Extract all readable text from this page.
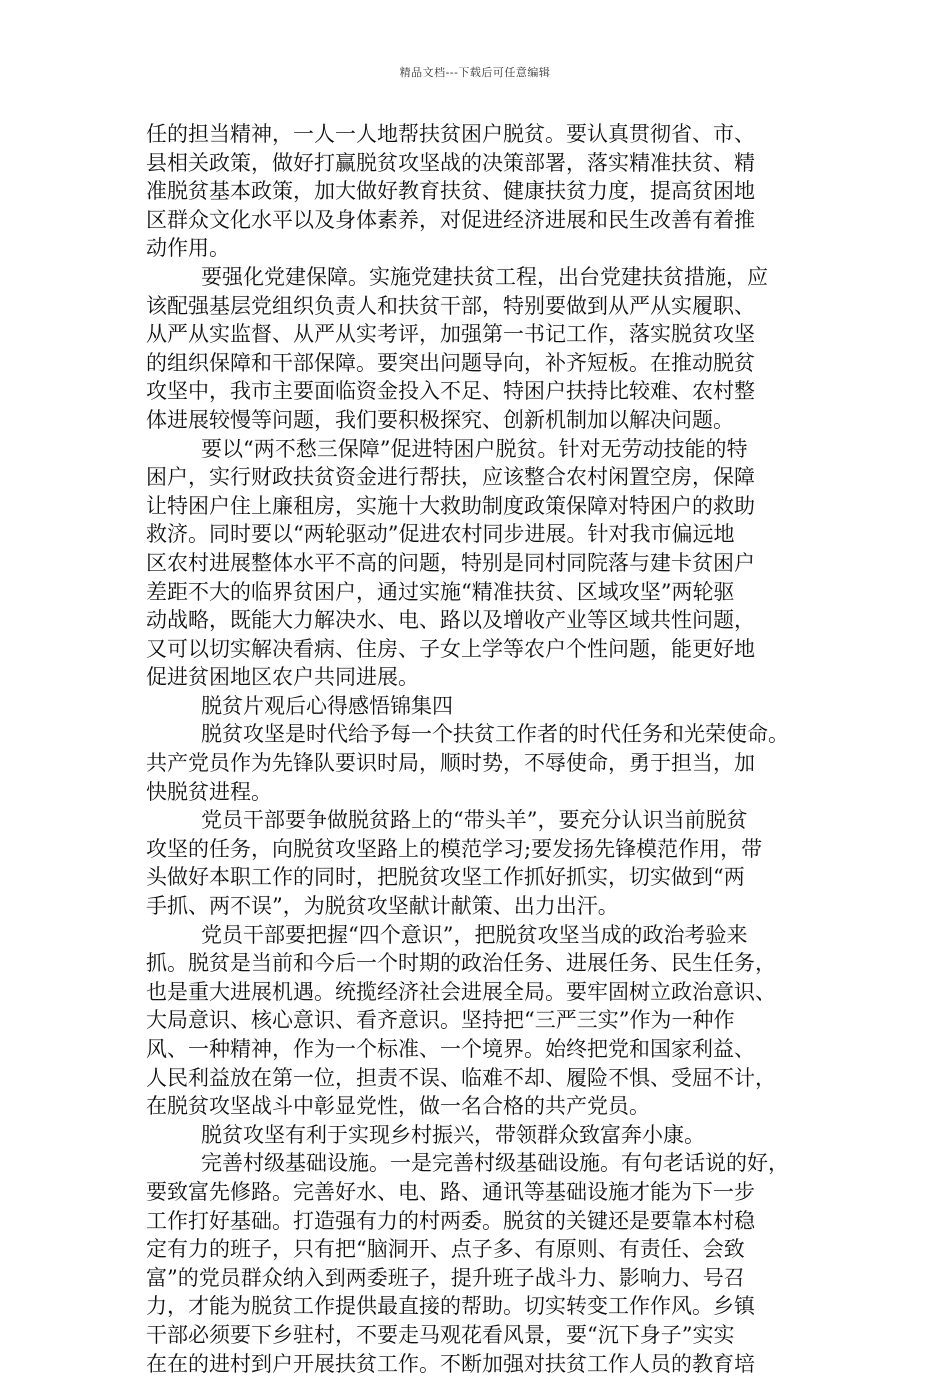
精品文档---下载后可任意编辑
任的担当精神，一人一人地帮扶贫困户脱贫。要认真贯彻省、市、
县相关政策，做好打赢脱贫攻坚战的决策部署，落实精准扶贫、精
准脱贫基本政策，加大做好教育扶贫、健康扶贫力度，提高贫困地
区群众文化水平以及身体素养，对促进经济进展和民生改善有着推
动作用。
要强化党建保障。实施党建扶贫工程，出台党建扶贫措施，应
该配强基层党组织负责人和扶贫干部，特别要做到从严从实履职、
从严从实监督、从严从实考评，加强第一书记工作，落实脱贫攻坚
的组织保障和干部保障。要突出问题导向，补齐短板。在推动脱贫
攻坚中，我市主要面临资金投入不足、特困户扶持比较难、农村整
体进展较慢等问题，我们要积极探究、创新机制加以解决问题。
要以“两不愁三保障”促进特困户脱贫。针对无劳动技能的特
困户，实行财政扶贫资金进行帮扶，应该整合农村闲置空房，保障
让特困户住上廉租房，实施十大救助制度政策保障对特困户的救助
救济。同时要以“两轮驱动”促进农村同步进展。针对我市偏远地
区农村进展整体水平不高的问题，特别是同村同院落与建卡贫困户
差距不大的临界贫困户，通过实施“精准扶贫、区域攻坚”两轮驱
动战略，既能大力解决水、电、路以及增收产业等区域共性问题，
又可以切实解决看病、住房、子女上学等农户个性问题，能更好地
促进贫困地区农户共同进展。
脱贫片观后心得感悟锦集四
脱贫攻坚是时代给予每一个扶贫工作者的时代任务和光荣使命。
共产党员作为先锋队要识时局，顺时势，不辱使命，勇于担当，加
快脱贫进程。
党员干部要争做脱贫路上的“带头羊”，要充分认识当前脱贫
攻坚的任务，向脱贫攻坚路上的模范学习;要发扬先锋模范作用，带
头做好本职工作的同时，把脱贫攻坚工作抓好抓实，切实做到“两
手抓、两不误”，为脱贫攻坚献计献策、出力出汗。
党员干部要把握“四个意识”，把脱贫攻坚当成的政治考验来
抓。脱贫是当前和今后一个时期的政治任务、进展任务、民生任务，
也是重大进展机遇。统揽经济社会进展全局。要牢固树立政治意识、
大局意识、核心意识、看齐意识。坚持把“三严三实”作为一种作
风、一种精神，作为一个标准、一个境界。始终把党和国家利益、
人民利益放在第一位，担责不误、临难不却、履险不惧、受屈不计，
在脱贫攻坚战斗中彰显党性，做一名合格的共产党员。
脱贫攻坚有利于实现乡村振兴，带领群众致富奔小康。
完善村级基础设施。一是完善村级基础设施。有句老话说的好，
要致富先修路。完善好水、电、路、通讯等基础设施才能为下一步
工作打好基础。打造强有力的村两委。脱贫的关键还是要靠本村稳
定有力的班子，只有把“脑洞开、点子多、有原则、有责任、会致
富”的党员群众纳入到两委班子，提升班子战斗力、影响力、号召
力，才能为脱贫工作提供最直接的帮助。切实转变工作作风。乡镇
干部必须要下乡驻村，不要走马观花看风景，要“沉下身子”实实
在在的进村到户开展扶贫工作。不断加强对扶贫工作人员的教育培
